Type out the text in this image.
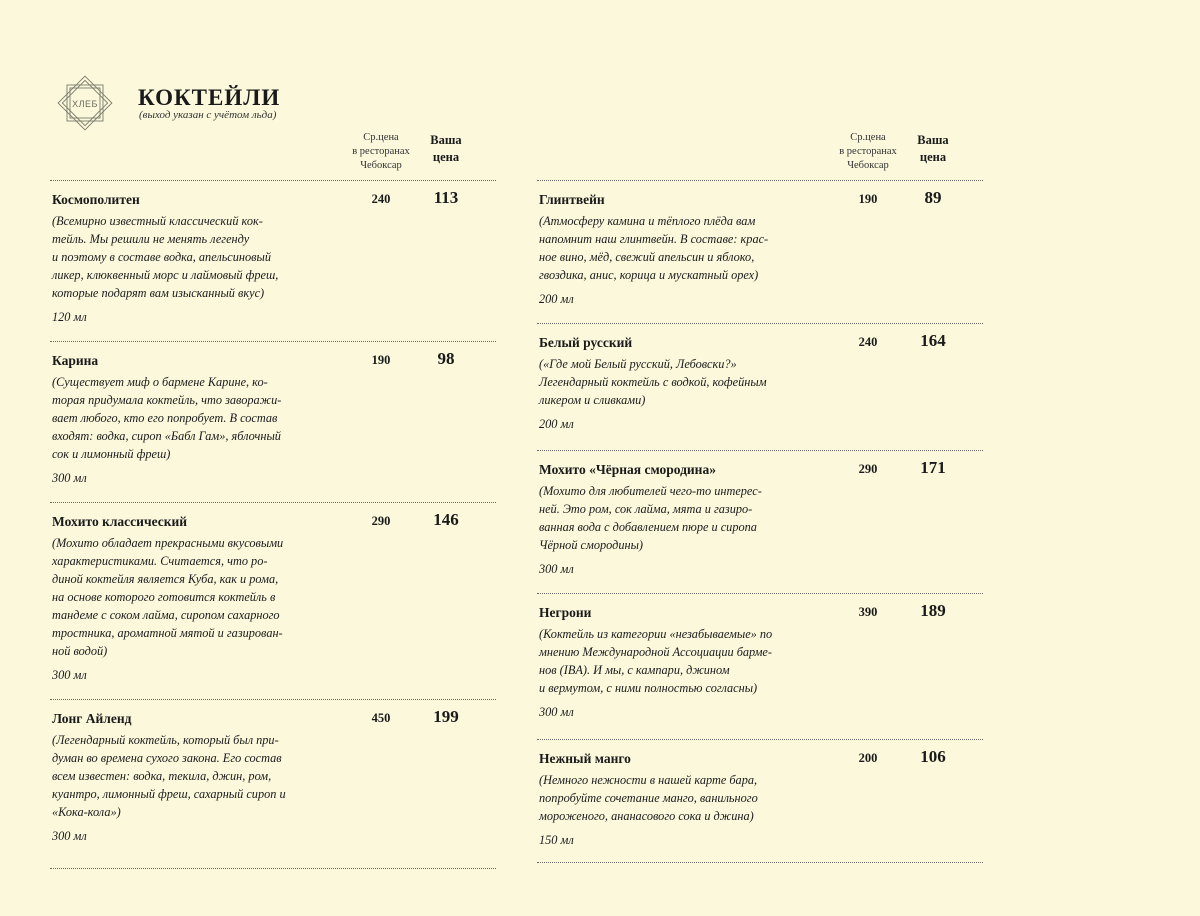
ХЛЕБ КОКТЕЙЛИ
(выход указан с учётом льда)
Ср.цена
в ресторанах
Чебоксар
Ваша
цена
Космополитен	240	113
(Всемирно известный классический кок-
тейль. Мы решили не менять легенду
и поэтому в составе водка, апельсиновый
ликер, клюквенный морс и лаймовый фреш,
которые подарят вам изысканный вкус)
120 мл
Карина	190	98
(Существует миф о бармене Карине, ко-
торая придумала коктейль, что заворажи-
вает любого, кто его попробует. В состав
входят: водка, сироп «Бабл Гам», яблочный
сок и лимонный фреш)
300 мл
Мохито классический	290	146
(Мохито обладает прекрасными вкусовыми
характеристиками. Считается, что ро-
диной коктейля является Куба, как и рома,
на основе которого готовится коктейль в
тандеме с соком лайма, сиропом сахарного
тростника, ароматной мятой и газирован-
ной водой)
300 мл
Лонг Айленд	450	199
(Легендарный коктейль, который был при-
думан во времена сухого закона. Его состав
всем известен: водка, текила, джин, ром,
куантро, лимонный фреш, сахарный сироп и
«Кока-кола»)
300 мл
Ср.цена
в ресторанах
Чебоксар
Ваша
цена
Глинтвейн	190	89
(Атмосферу камина и тёплого плёда вам
напомнит наш глинтвейн. В составе: крас-
ное вино, мёд, свежий апельсин и яблоко,
гвоздика, анис, корица и мускатный орех)
200 мл
Белый русский	240	164
(«Где мой Белый русский, Лебовски?»
Легендарный коктейль с водкой, кофейным
ликером и сливками)
200 мл
Мохито «Чёрная смородина»	290	171
(Мохито для любителей чего-то интерес-
ней. Это ром, сок лайма, мята и газиро-
ванная вода с добавлением пюре и сиропа
Чёрной смородины)
300 мл
Негрони	390	189
(Коктейль из категории «незабываемые» по
мнению Международной Ассоциации барме-
нов (IBA). И мы, с кампари, джином
и вермутом, с ними полностью согласны)
300 мл
Нежный манго	200	106
(Немного нежности в нашей карте бара,
попробуйте сочетание манго, ванильного
мороженого, ананасового сока и джина)
150 мл
